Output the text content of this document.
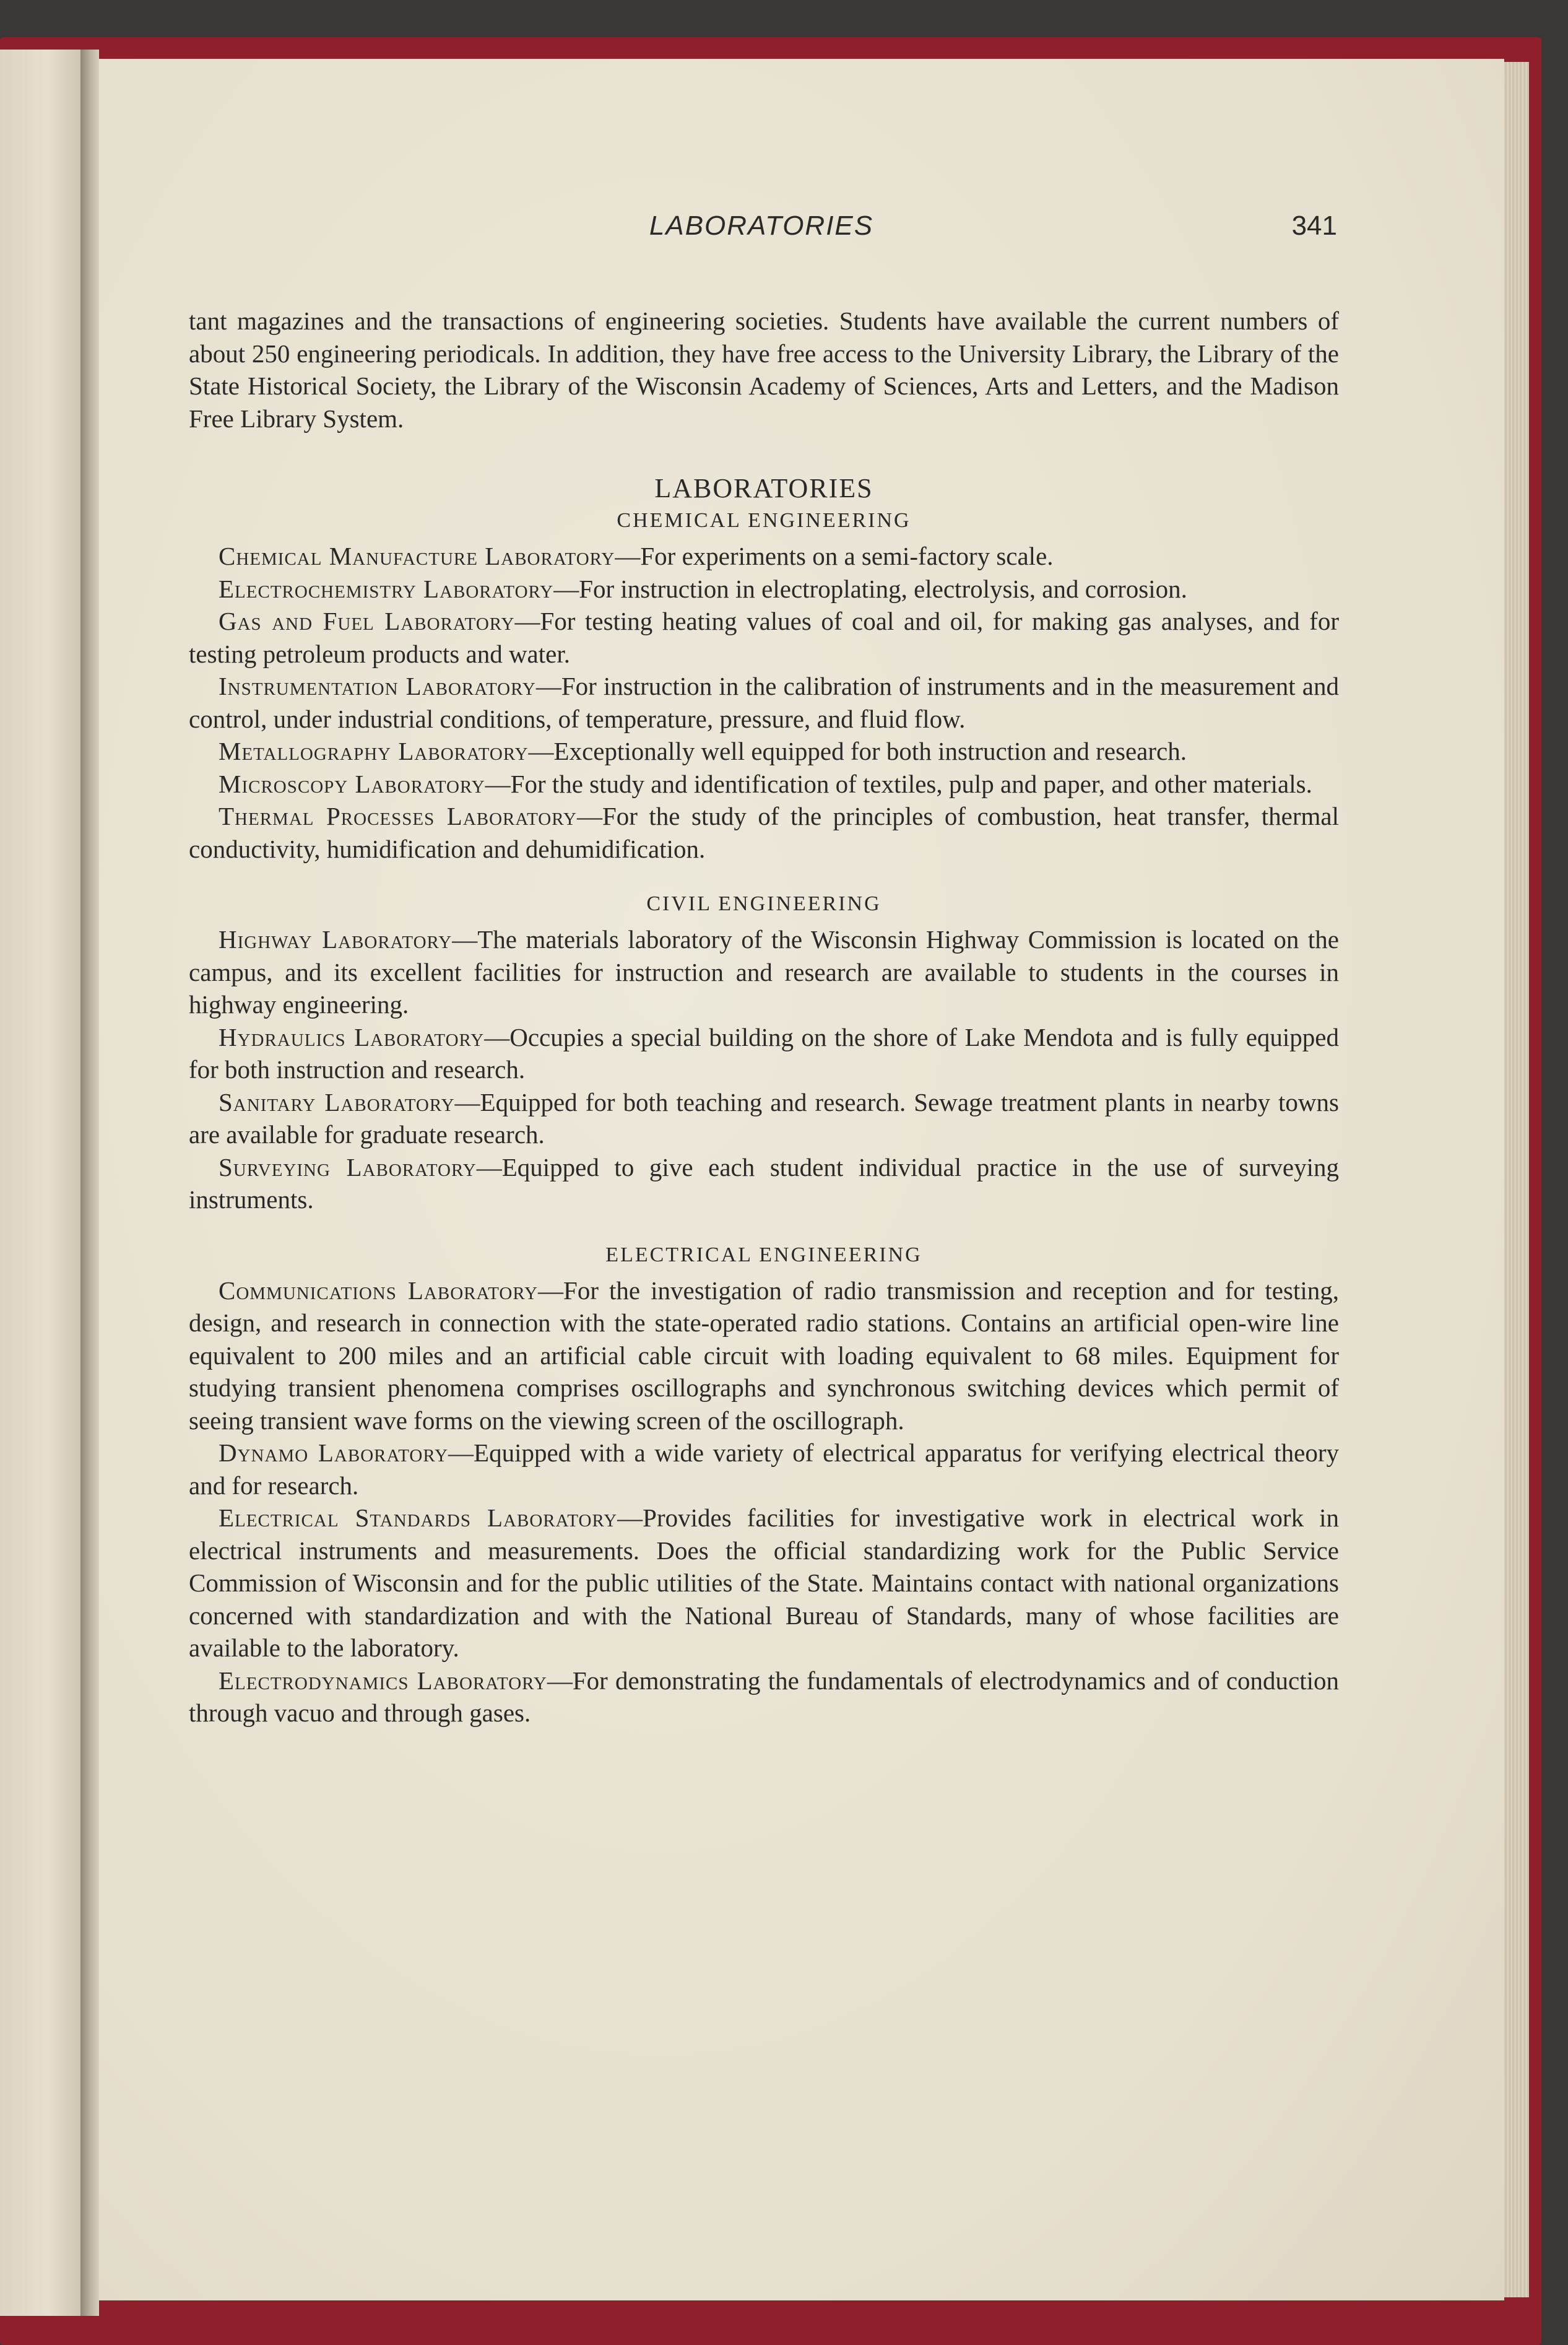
LABORATORIES	341

tant magazines and the transactions of engineering societies. Students have available the current numbers of about 250 engineering periodicals. In addition, they have free access to the University Library, the Library of the State Historical Society, the Library of the Wisconsin Academy of Sciences, Arts and Letters, and the Madison Free Library System.

LABORATORIES
CHEMICAL ENGINEERING

Chemical Manufacture Laboratory—For experiments on a semi-factory scale.

Electrochemistry Laboratory—For instruction in electroplating, electrolysis, and corrosion.

Gas and Fuel Laboratory—For testing heating values of coal and oil, for making gas analyses, and for testing petroleum products and water.

Instrumentation Laboratory—For instruction in the calibration of instruments and in the measurement and control, under industrial conditions, of temperature, pressure, and fluid flow.

Metallography Laboratory—Exceptionally well equipped for both instruction and research.

Microscopy Laboratory—For the study and identification of textiles, pulp and paper, and other materials.

Thermal Processes Laboratory—For the study of the principles of combustion, heat transfer, thermal conductivity, humidification and dehumidification.

CIVIL ENGINEERING

Highway Laboratory—The materials laboratory of the Wisconsin Highway Commission is located on the campus, and its excellent facilities for instruction and research are available to students in the courses in highway engineering.

Hydraulics Laboratory—Occupies a special building on the shore of Lake Mendota and is fully equipped for both instruction and research.

Sanitary Laboratory—Equipped for both teaching and research. Sewage treatment plants in nearby towns are available for graduate research.

Surveying Laboratory—Equipped to give each student individual practice in the use of surveying instruments.

ELECTRICAL ENGINEERING

Communications Laboratory—For the investigation of radio transmission and reception and for testing, design, and research in connection with the state-operated radio stations. Contains an artificial open-wire line equivalent to 200 miles and an artificial cable circuit with loading equivalent to 68 miles. Equipment for studying transient phenomena comprises oscillographs and synchronous switching devices which permit of seeing transient wave forms on the viewing screen of the oscillograph.

Dynamo Laboratory—Equipped with a wide variety of electrical apparatus for verifying electrical theory and for research.

Electrical Standards Laboratory—Provides facilities for investigative work in electrical work in electrical instruments and measurements. Does the official standardizing work for the Public Service Commission of Wisconsin and for the public utilities of the State. Maintains contact with national organizations concerned with standardization and with the National Bureau of Standards, many of whose facilities are available to the laboratory.

Electrodynamics Laboratory—For demonstrating the fundamentals of electrodynamics and of conduction through vacuo and through gases.
